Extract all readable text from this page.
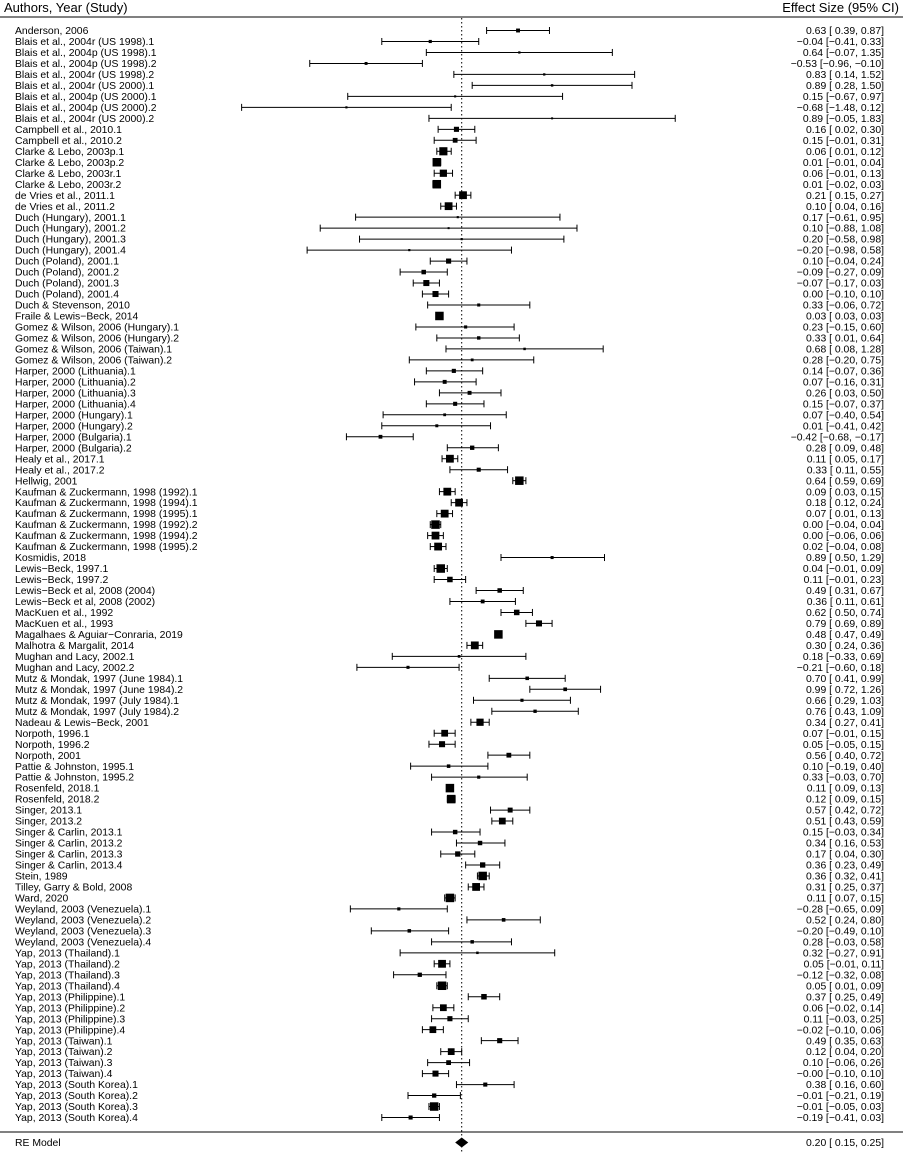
Authors, Year (Study)	Effect Size (95% CI)
Anderson, 2006	0.63 [ 0.39, 0.87]
Blais et al., 2004r (US 1998).1	−0.04 [−0.41, 0.33]
Blais et al., 2004p (US 1998).1	0.64 [−0.07, 1.35]
Blais et al., 2004p (US 1998).2	−0.53 [−0.96, −0.10]
Blais et al., 2004r (US 1998).2	0.83 [ 0.14, 1.52]
Blais et al., 2004r (US 2000).1	0.89 [ 0.28, 1.50]
Blais et al., 2004p (US 2000).1	0.15 [−0.67, 0.97]
Blais et al., 2004p (US 2000).2	−0.68 [−1.48, 0.12]
Blais et al., 2004r (US 2000).2	0.89 [−0.05, 1.83]
Campbell et al., 2010.1	0.16 [ 0.02, 0.30]
Campbell et al., 2010.2	0.15 [−0.01, 0.31]
Clarke & Lebo, 2003p.1	0.06 [ 0.01, 0.12]
Clarke & Lebo, 2003p.2	0.01 [−0.01, 0.04]
Clarke & Lebo, 2003r.1	0.06 [−0.01, 0.13]
Clarke & Lebo, 2003r.2	0.01 [−0.02, 0.03]
de Vries et al., 2011.1	0.21 [ 0.15, 0.27]
de Vries et al., 2011.2	0.10 [ 0.04, 0.16]
Duch (Hungary), 2001.1	0.17 [−0.61, 0.95]
Duch (Hungary), 2001.2	0.10 [−0.88, 1.08]
Duch (Hungary), 2001.3	0.20 [−0.58, 0.98]
Duch (Hungary), 2001.4	−0.20 [−0.98, 0.58]
Duch (Poland), 2001.1	0.10 [−0.04, 0.24]
Duch (Poland), 2001.2	−0.09 [−0.27, 0.09]
Duch (Poland), 2001.3	−0.07 [−0.17, 0.03]
Duch (Poland), 2001.4	0.00 [−0.10, 0.10]
Duch & Stevenson, 2010	0.33 [−0.06, 0.72]
Fraile & Lewis−Beck, 2014	0.03 [ 0.03, 0.03]
Gomez & Wilson, 2006 (Hungary).1	0.23 [−0.15, 0.60]
Gomez & Wilson, 2006 (Hungary).2	0.33 [ 0.01, 0.64]
Gomez & Wilson, 2006 (Taiwan).1	0.68 [ 0.08, 1.28]
Gomez & Wilson, 2006 (Taiwan).2	0.28 [−0.20, 0.75]
Harper, 2000 (Lithuania).1	0.14 [−0.07, 0.36]
Harper, 2000 (Lithuania).2	0.07 [−0.16, 0.31]
Harper, 2000 (Lithuania).3	0.26 [ 0.03, 0.50]
Harper, 2000 (Lithuania).4	0.15 [−0.07, 0.37]
Harper, 2000 (Hungary).1	0.07 [−0.40, 0.54]
Harper, 2000 (Hungary).2	0.01 [−0.41, 0.42]
Harper, 2000 (Bulgaria).1	−0.42 [−0.68, −0.17]
Harper, 2000 (Bulgaria).2	0.28 [ 0.09, 0.48]
Healy et al., 2017.1	0.11 [ 0.05, 0.17]
Healy et al., 2017.2	0.33 [ 0.11, 0.55]
Hellwig, 2001	0.64 [ 0.59, 0.69]
Kaufman & Zuckermann, 1998 (1992).1	0.09 [ 0.03, 0.15]
Kaufman & Zuckermann, 1998 (1994).1	0.18 [ 0.12, 0.24]
Kaufman & Zuckermann, 1998 (1995).1	0.07 [ 0.01, 0.13]
Kaufman & Zuckermann, 1998 (1992).2	0.00 [−0.04, 0.04]
Kaufman & Zuckermann, 1998 (1994).2	0.00 [−0.06, 0.06]
Kaufman & Zuckermann, 1998 (1995).2	0.02 [−0.04, 0.08]
Kosmidis, 2018	0.89 [ 0.50, 1.29]
Lewis−Beck, 1997.1	0.04 [−0.01, 0.09]
Lewis−Beck, 1997.2	0.11 [−0.01, 0.23]
Lewis−Beck et al, 2008 (2004)	0.49 [ 0.31, 0.67]
Lewis−Beck et al, 2008 (2002)	0.36 [ 0.11, 0.61]
MacKuen et al., 1992	0.62 [ 0.50, 0.74]
MacKuen et al., 1993	0.79 [ 0.69, 0.89]
Magalhaes & Aguiar−Conraria, 2019	0.48 [ 0.47, 0.49]
Malhotra & Margalit, 2014	0.30 [ 0.24, 0.36]
Mughan and Lacy, 2002.1	0.18 [−0.33, 0.69]
Mughan and Lacy, 2002.2	−0.21 [−0.60, 0.18]
Mutz & Mondak, 1997 (June 1984).1	0.70 [ 0.41, 0.99]
Mutz & Mondak, 1997 (June 1984).2	0.99 [ 0.72, 1.26]
Mutz & Mondak, 1997 (July 1984).1	0.66 [ 0.29, 1.03]
Mutz & Mondak, 1997 (July 1984).2	0.76 [ 0.43, 1.09]
Nadeau & Lewis−Beck, 2001	0.34 [ 0.27, 0.41]
Norpoth, 1996.1	0.07 [−0.01, 0.15]
Norpoth, 1996.2	0.05 [−0.05, 0.15]
Norpoth, 2001	0.56 [ 0.40, 0.72]
Pattie & Johnston, 1995.1	0.10 [−0.19, 0.40]
Pattie & Johnston, 1995.2	0.33 [−0.03, 0.70]
Rosenfeld, 2018.1	0.11 [ 0.09, 0.13]
Rosenfeld, 2018.2	0.12 [ 0.09, 0.15]
Singer, 2013.1	0.57 [ 0.42, 0.72]
Singer, 2013.2	0.51 [ 0.43, 0.59]
Singer & Carlin, 2013.1	0.15 [−0.03, 0.34]
Singer & Carlin, 2013.2	0.34 [ 0.16, 0.53]
Singer & Carlin, 2013.3	0.17 [ 0.04, 0.30]
Singer & Carlin, 2013.4	0.36 [ 0.23, 0.49]
Stein, 1989	0.36 [ 0.32, 0.41]
Tilley, Garry & Bold, 2008	0.31 [ 0.25, 0.37]
Ward, 2020	0.11 [ 0.07, 0.15]
Weyland, 2003 (Venezuela).1	−0.28 [−0.65, 0.09]
Weyland, 2003 (Venezuela).2	0.52 [ 0.24, 0.80]
Weyland, 2003 (Venezuela).3	−0.20 [−0.49, 0.10]
Weyland, 2003 (Venezuela).4	0.28 [−0.03, 0.58]
Yap, 2013 (Thailand).1	0.32 [−0.27, 0.91]
Yap, 2013 (Thailand).2	0.05 [−0.01, 0.11]
Yap, 2013 (Thailand).3	−0.12 [−0.32, 0.08]
Yap, 2013 (Thailand).4	0.05 [ 0.01, 0.09]
Yap, 2013 (Philippine).1	0.37 [ 0.25, 0.49]
Yap, 2013 (Philippine).2	0.06 [−0.02, 0.14]
Yap, 2013 (Philippine).3	0.11 [−0.03, 0.25]
Yap, 2013 (Philippine).4	−0.02 [−0.10, 0.06]
Yap, 2013 (Taiwan).1	0.49 [ 0.35, 0.63]
Yap, 2013 (Taiwan).2	0.12 [ 0.04, 0.20]
Yap, 2013 (Taiwan).3	0.10 [−0.06, 0.26]
Yap, 2013 (Taiwan).4	−0.00 [−0.10, 0.10]
Yap, 2013 (South Korea).1	0.38 [ 0.16, 0.60]
Yap, 2013 (South Korea).2	−0.01 [−0.21, 0.19]
Yap, 2013 (South Korea).3	−0.01 [−0.05, 0.03]
Yap, 2013 (South Korea).4	−0.19 [−0.41, 0.03]
RE Model	0.20 [ 0.15, 0.25]
